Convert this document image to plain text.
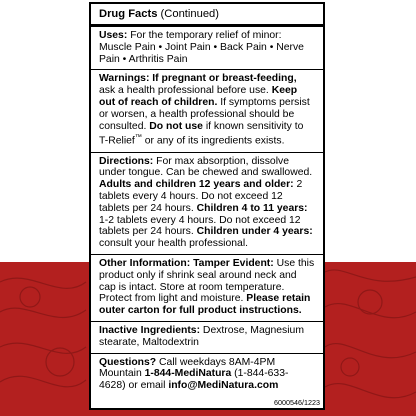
Drug Facts (Continued)
Uses: For the temporary relief of minor: Muscle Pain • Joint Pain • Back Pain • Nerve Pain • Arthritis Pain
Warnings: If pregnant or breast-feeding, ask a health professional before use. Keep out of reach of children. If symptoms persist or worsen, a health professional should be consulted. Do not use if known sensitivity to T-Relief™ or any of its ingredients exists.
Directions: For max absorption, dissolve under tongue. Can be chewed and swallowed. Adults and children 12 years and older: 2 tablets every 4 hours. Do not exceed 12 tablets per 24 hours. Children 4 to 11 years: 1-2 tablets every 4 hours. Do not exceed 12 tablets per 24 hours. Children under 4 years: consult your health professional.
Other Information: Tamper Evident: Use this product only if shrink seal around neck and cap is intact. Store at room temperature. Protect from light and moisture. Please retain outer carton for full product instructions.
Inactive Ingredients: Dextrose, Magnesium stearate, Maltodextrin
Questions? Call weekdays 8AM-4PM Mountain 1-844-MediNatura (1-844-633-4628) or email info@MediNatura.com
6000546/1223
